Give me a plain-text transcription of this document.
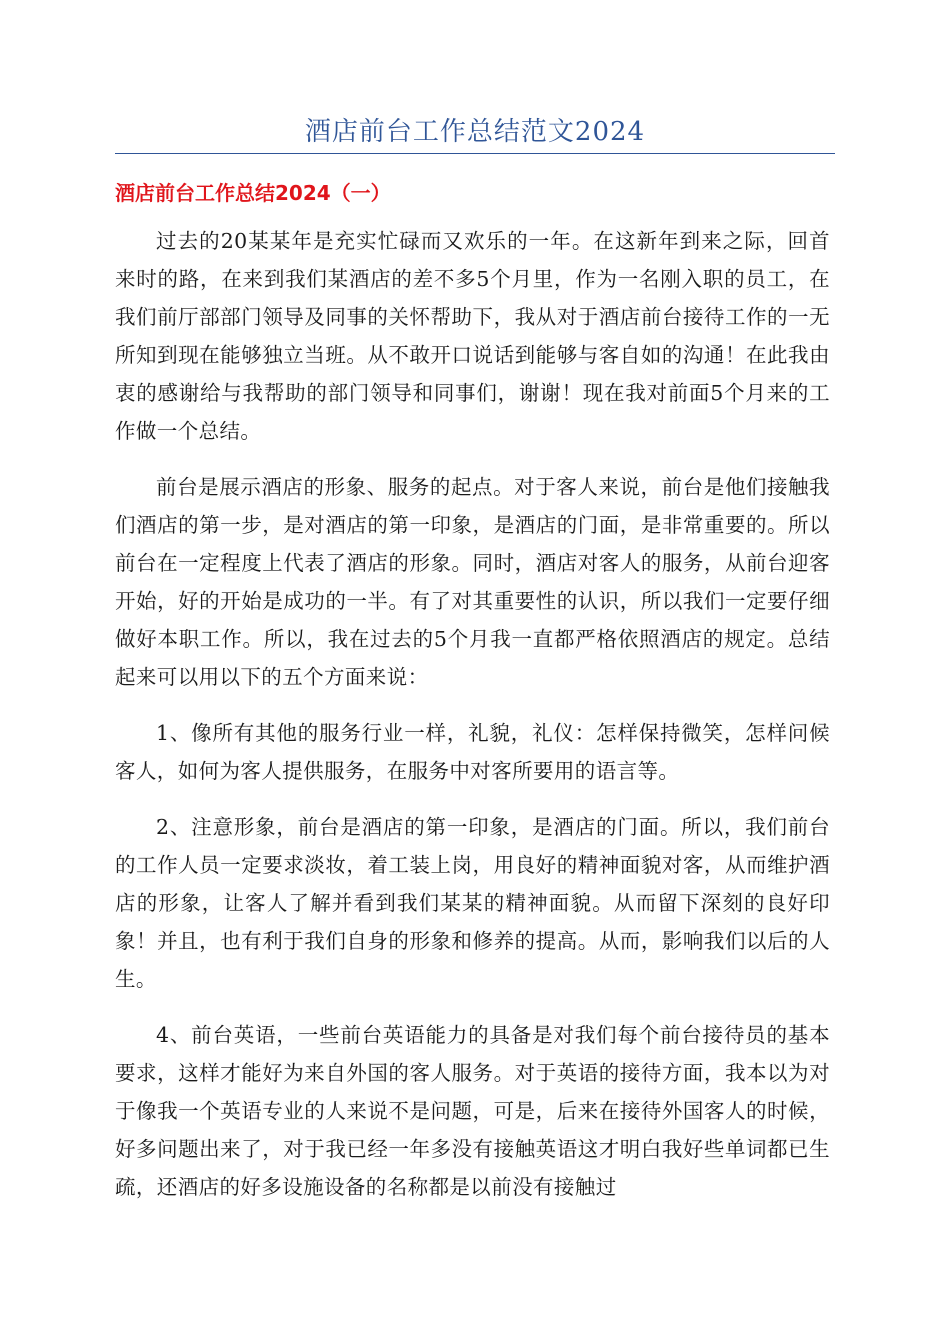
酒店前台工作总结范文2024
酒店前台工作总结2024（一）

过去的20某某年是充实忙碌而又欢乐的一年。在这新年到来之际，回首来时的路，在来到我们某酒店的差不多5个月里，作为一名刚入职的员工，在我们前厅部部门领导及同事的关怀帮助下，我从对于酒店前台接待工作的一无所知到现在能够独立当班。从不敢开口说话到能够与客自如的沟通！在此我由衷的感谢给与我帮助的部门领导和同事们，谢谢！现在我对前面5个月来的工作做一个总结。

前台是展示酒店的形象、服务的起点。对于客人来说，前台是他们接触我们酒店的第一步，是对酒店的第一印象，是酒店的门面，是非常重要的。所以前台在一定程度上代表了酒店的形象。同时，酒店对客人的服务，从前台迎客开始，好的开始是成功的一半。有了对其重要性的认识，所以我们一定要仔细做好本职工作。所以，我在过去的5个月我一直都严格依照酒店的规定。总结起来可以用以下的五个方面来说：

1、像所有其他的服务行业一样，礼貌，礼仪：怎样保持微笑，怎样问候客人，如何为客人提供服务，在服务中对客所要用的语言等。

2、注意形象，前台是酒店的第一印象，是酒店的门面。所以，我们前台的工作人员一定要求淡妆，着工装上岗，用良好的精神面貌对客，从而维护酒店的形象，让客人了解并看到我们某某的精神面貌。从而留下深刻的良好印象！并且，也有利于我们自身的形象和修养的提高。从而，影响我们以后的人生。

4、前台英语，一些前台英语能力的具备是对我们每个前台接待员的基本要求，这样才能好为来自外国的客人服务。对于英语的接待方面，我本以为对于像我一个英语专业的人来说不是问题，可是，后来在接待外国客人的时候，好多问题出来了，对于我已经一年多没有接触英语这才明白我好些单词都已生疏，还酒店的好多设施设备的名称都是以前没有接触过
